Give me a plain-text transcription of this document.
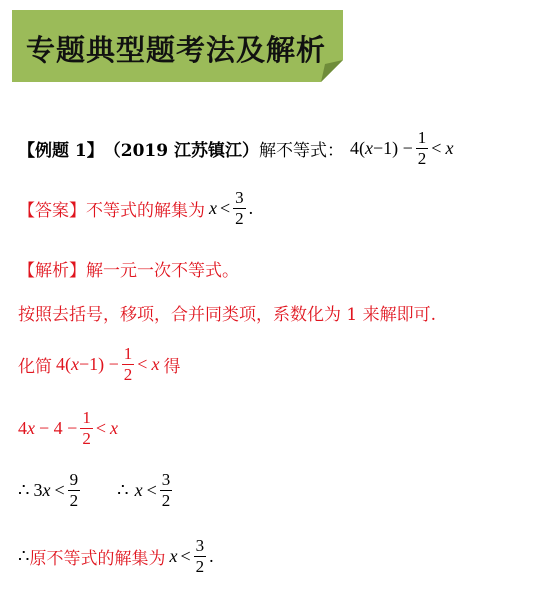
专题典型题考法及解析
【例题 1】 （2019 江苏镇江） 解不等式： 4( $x -1) - \frac{1}{2} < x$
【答案】 不等式的解集为 $x < \frac{3}{2}$ .
【解析】 解一元一次不等式。
按照去括号，移项，合并同类项，系数化为 1 来解即可.
化简 4( $x -1) - \frac{1}{2} < x$ 得
4 $x - 4 - \frac{1}{2} < x$
∴ 3 $x < \frac{9}{2}$ ∴ $x < \frac{3}{2}$
∴ 原不等式的解集为 $x < \frac{3}{2}$ .
